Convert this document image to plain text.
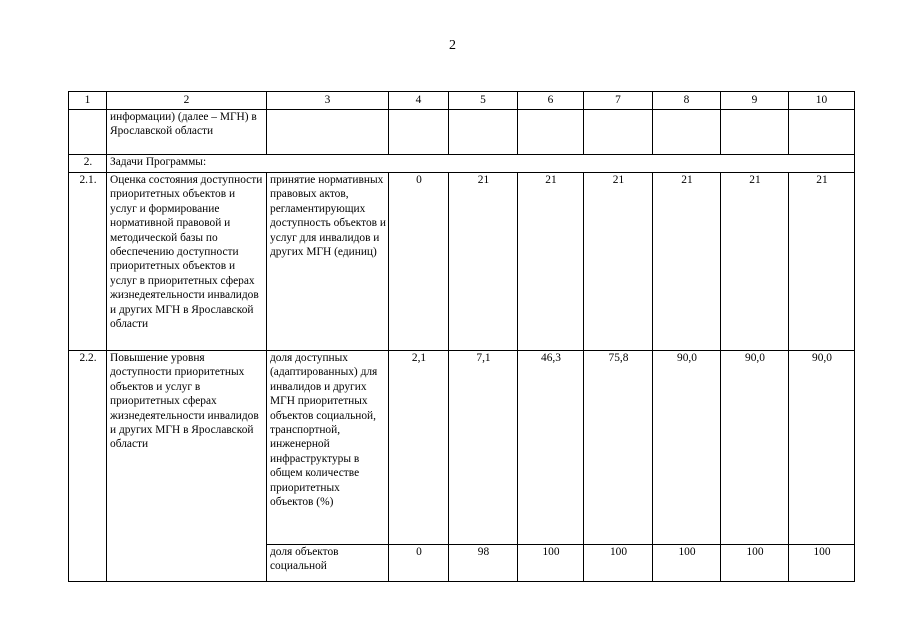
2
1	2	3	4	5	6	7	8	9	10
	информации) (далее – МГН) в Ярославской области								
2.	Задачи Программы:								
2.1.	Оценка состояния доступности приоритетных объектов и услуг и формирование нормативной правовой и методической базы по обеспечению доступности приоритетных объектов и услуг в приоритетных сферах жизнедеятельности инвалидов и других МГН в Ярославской области	принятие нормативных правовых актов, регламентирующих доступность объектов и услуг для инвалидов и других МГН (единиц)	0	21	21	21	21	21	21
2.2.	Повышение уровня доступности приоритетных объектов и услуг в приоритетных сферах жизнедеятельности инвалидов и других МГН в Ярославской области	доля доступных (адаптированных) для инвалидов и других МГН приоритетных объектов социальной, транспортной, инженерной инфраструктуры в общем количестве приоритетных объектов (%)	2,1	7,1	46,3	75,8	90,0	90,0	90,0
		доля объектов социальной	0	98	100	100	100	100	100
